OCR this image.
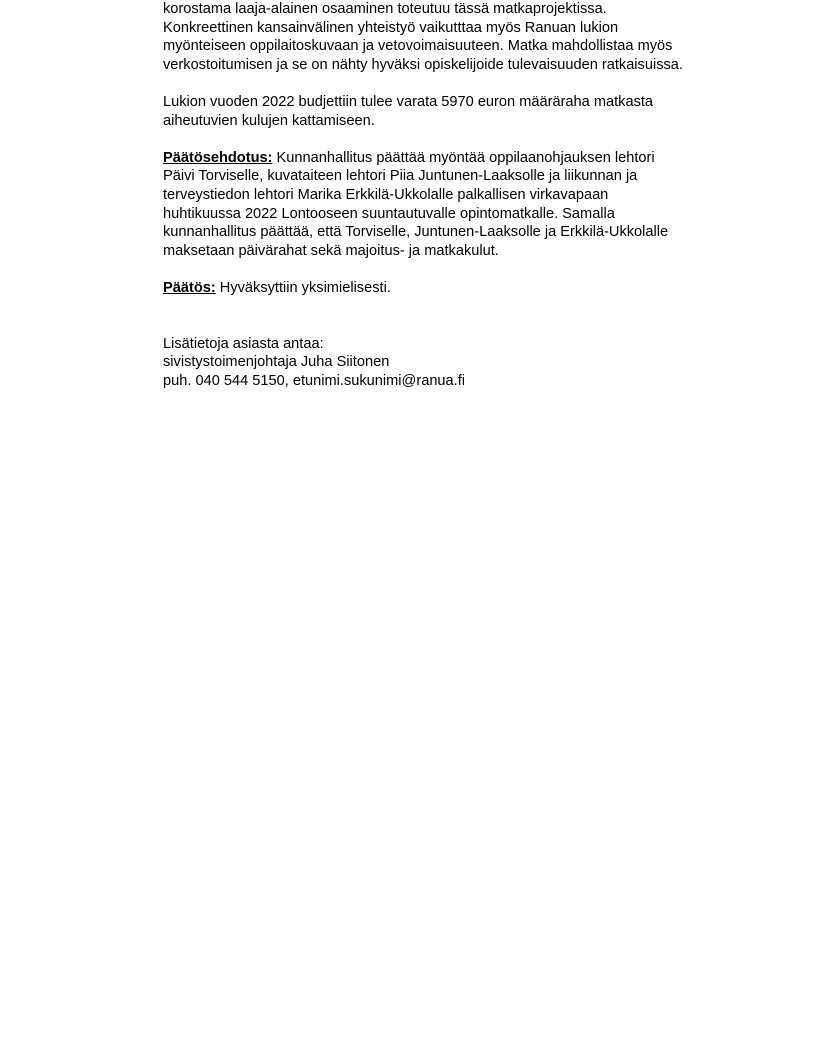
korostama laaja-alainen osaaminen toteutuu tässä matkaprojektissa.
Konkreettinen kansainvälinen yhteistyö vaikutttaa myös Ranuan lukion
myönteiseen oppilaitoskuvaan ja vetovoimaisuuteen. Matka mahdollistaa myös
verkostoitumisen ja se on nähty hyväksi opiskelijoide tulevaisuuden ratkaisuissa.
Lukion vuoden 2022 budjettiin tulee varata 5970 euron määräraha matkasta
aiheutuvien kulujen kattamiseen.
Päätösehdotus: Kunnanhallitus päättää myöntää oppilaanohjauksen lehtori
Päivi Torviselle, kuvataiteen lehtori Piia Juntunen-Laaksolle ja liikunnan ja
terveystiedon lehtori Marika Erkkilä-Ukkolalle palkallisen virkavapaan
huhtikuussa 2022 Lontooseen suuntautuvalle opintomatkalle. Samalla
kunnanhallitus päättää, että Torviselle, Juntunen-Laaksolle ja Erkkilä-Ukkolalle
maksetaan päivärahat sekä majoitus- ja matkakulut.
Päätös: Hyväksyttiin yksimielisesti.
Lisätietoja asiasta antaa:
sivistystoimenjohtaja Juha Siitonen
puh. 040 544 5150, etunimi.sukunimi@ranua.fi
